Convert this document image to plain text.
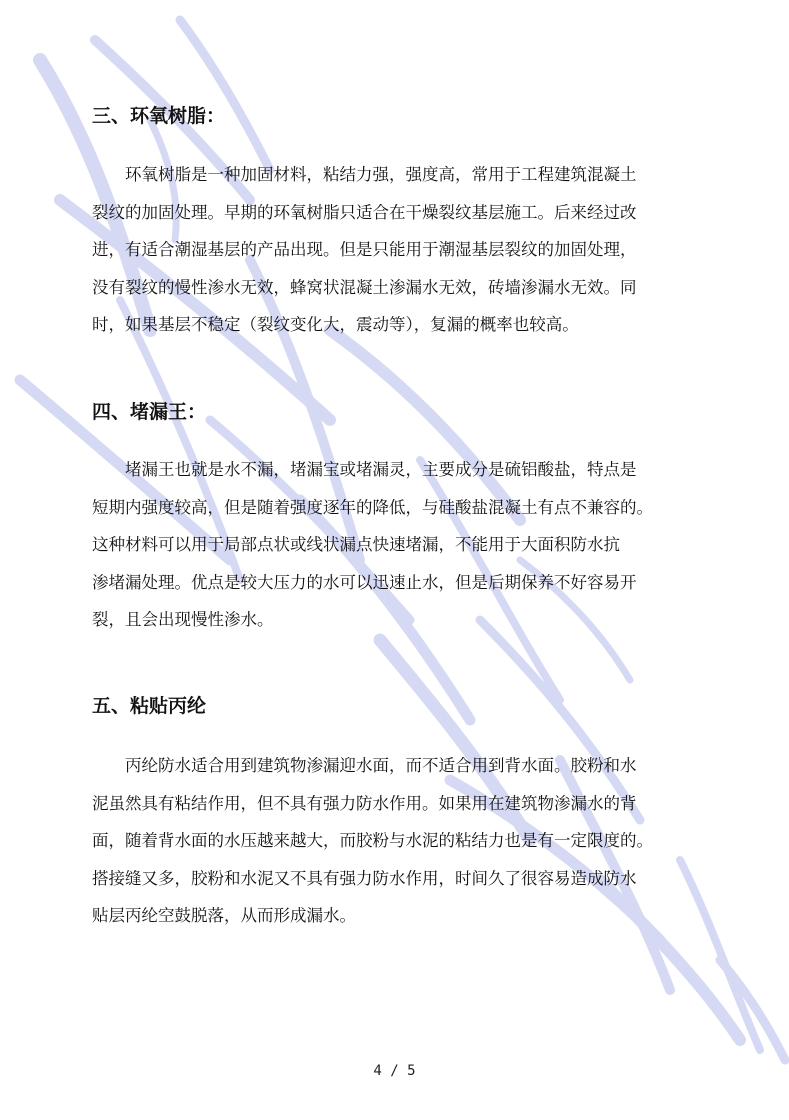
三、环氧树脂：

环氧树脂是一种加固材料，粘结力强，强度高，常用于工程建筑混凝土
裂纹的加固处理。早期的环氧树脂只适合在干燥裂纹基层施工。后来经过改
进，有适合潮湿基层的产品出现。但是只能用于潮湿基层裂纹的加固处理，
没有裂纹的慢性渗水无效，蜂窝状混凝土渗漏水无效，砖墙渗漏水无效。同
时，如果基层不稳定（裂纹变化大，震动等），复漏的概率也较高。

四、堵漏王：

堵漏王也就是水不漏，堵漏宝或堵漏灵，主要成分是硫铝酸盐，特点是
短期内强度较高，但是随着强度逐年的降低，与硅酸盐混凝土有点不兼容的。
这种材料可以用于局部点状或线状漏点快速堵漏，不能用于大面积防水抗
渗堵漏处理。优点是较大压力的水可以迅速止水，但是后期保养不好容易开
裂，且会出现慢性渗水。

五、粘贴丙纶

丙纶防水适合用到建筑物渗漏迎水面，而不适合用到背水面。胶粉和水
泥虽然具有粘结作用，但不具有强力防水作用。如果用在建筑物渗漏水的背
面，随着背水面的水压越来越大，而胶粉与水泥的粘结力也是有一定限度的。
搭接缝又多，胶粉和水泥又不具有强力防水作用，时间久了很容易造成防水
贴层丙纶空鼓脱落，从而形成漏水。

4 / 5
